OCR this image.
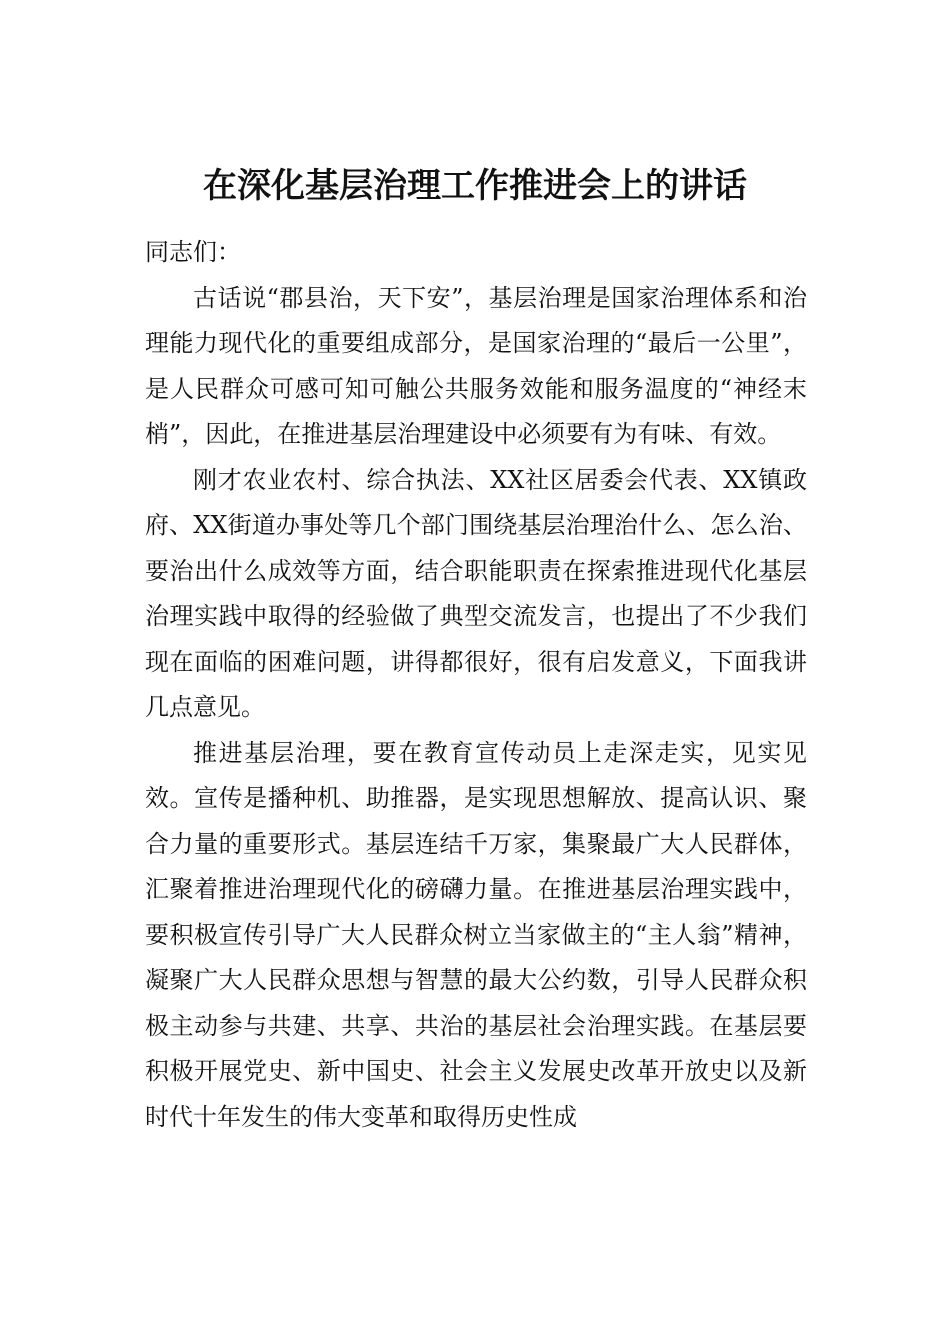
在深化基层治理工作推进会上的讲话

同志们：

古话说“郡县治，天下安”，基层治理是国家治理体系和治理能力现代化的重要组成部分，是国家治理的“最后一公里”，是人民群众可感可知可触公共服务效能和服务温度的“神经末梢”，因此，在推进基层治理建设中必须要有为有味、有效。

刚才农业农村、综合执法、XX社区居委会代表、XX镇政府、XX街道办事处等几个部门围绕基层治理治什么、怎么治、要治出什么成效等方面，结合职能职责在探索推进现代化基层治理实践中取得的经验做了典型交流发言，也提出了不少我们现在面临的困难问题，讲得都很好，很有启发意义，下面我讲几点意见。

推进基层治理，要在教育宣传动员上走深走实，见实见效。宣传是播种机、助推器，是实现思想解放、提高认识、聚合力量的重要形式。基层连结千万家，集聚最广大人民群体，汇聚着推进治理现代化的磅礴力量。在推进基层治理实践中，要积极宣传引导广大人民群众树立当家做主的“主人翁”精神，凝聚广大人民群众思想与智慧的最大公约数，引导人民群众积极主动参与共建、共享、共治的基层社会治理实践。在基层要积极开展党史、新中国史、社会主义发展史改革开放史以及新时代十年发生的伟大变革和取得历史性成
